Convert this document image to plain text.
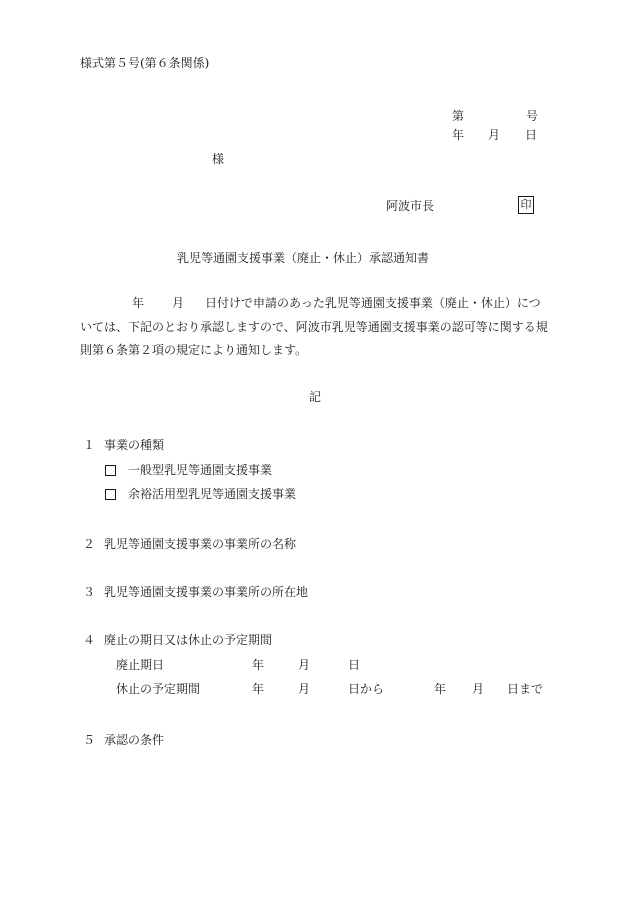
様式第５号(第６条関係)
第	号
年 月 日
様
阿波市長	印
乳児等通園支援事業（廃止・休止）承認通知書
年 月 日付けで申請のあった乳児等通園支援事業（廃止・休止）につ
いては、下記のとおり承認しますので、阿波市乳児等通園支援事業の認可等に関する規
則第６条第２項の規定により通知します。
記
１ 事業の種類
一般型乳児等通園支援事業
余裕活用型乳児等通園支援事業
２ 乳児等通園支援事業の事業所の名称
３ 乳児等通園支援事業の事業所の所在地
４ 廃止の期日又は休止の予定期間
廃止期日	年	月	日
休止の予定期間	年	月	日から	年 月 日まで
５ 承認の条件
